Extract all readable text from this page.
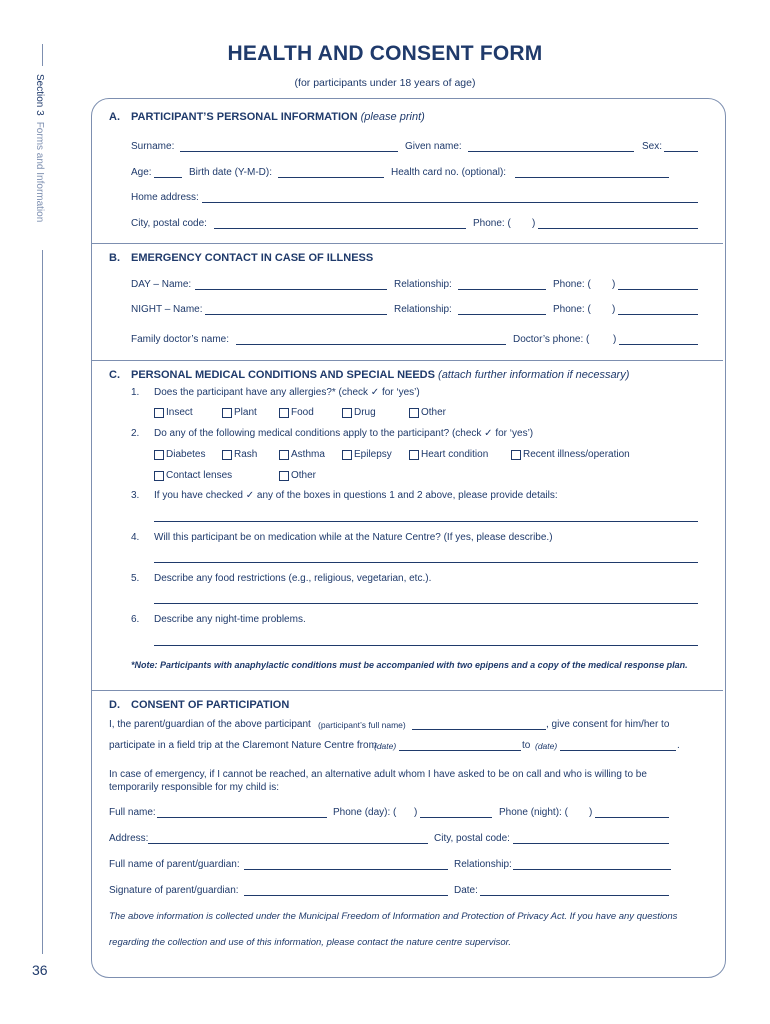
Section 3Forms and Information
36
HEALTH AND CONSENT FORM
(for participants under 18 years of age)
A. PARTICIPANT’S PERSONAL INFORMATION (please print)
Surname:	Given name:	Sex:
Age:	Birth date (Y-M-D):	Health card no. (optional):
Home address:
City, postal code:	Phone: ( )
B. EMERGENCY CONTACT IN CASE OF ILLNESS
DAY – Name:	Relationship:	Phone: ( )
NIGHT – Name:	Relationship:	Phone: ( )
Family doctor’s name:	Doctor’s phone: ( )
C. PERSONAL MEDICAL CONDITIONS AND SPECIAL NEEDS (attach further information if necessary)
1. Does the participant have any allergies?* (check ✓ for ‘yes’)
Insect	Plant	Food	Drug	Other
2. Do any of the following medical conditions apply to the participant? (check ✓ for ‘yes’)
Diabetes	Rash	Asthma	Epilepsy	Heart condition	Recent illness/operation
Contact lenses	Other
3. If you have checked ✓ any of the boxes in questions 1 and 2 above, please provide details:
4. Will this participant be on medication while at the Nature Centre? (If yes, please describe.)
5. Describe any food restrictions (e.g., religious, vegetarian, etc.).
6. Describe any night-time problems.
*Note: Participants with anaphylactic conditions must be accompanied with two epipens and a copy of the medical response plan.
D. CONSENT OF PARTICIPATION
I, the parent/guardian of the above participant (participant’s full name)	, give consent for him/her to
participate in a field trip at the Claremont Nature Centre from
(date)	to (date)	.
In case of emergency, if I cannot be reached, an alternative adult whom I have asked to be on call and who is willing to be
temporarily responsible for my child is:
Full name:	Phone (day): ( )	Phone (night): ( )
Address:	City, postal code:
Full name of parent/guardian:	Relationship:
Signature of parent/guardian:	Date:
The above information is collected under the Municipal Freedom of Information and Protection of Privacy Act. If you have any questions
regarding the collection and use of this information, please contact the nature centre supervisor.
